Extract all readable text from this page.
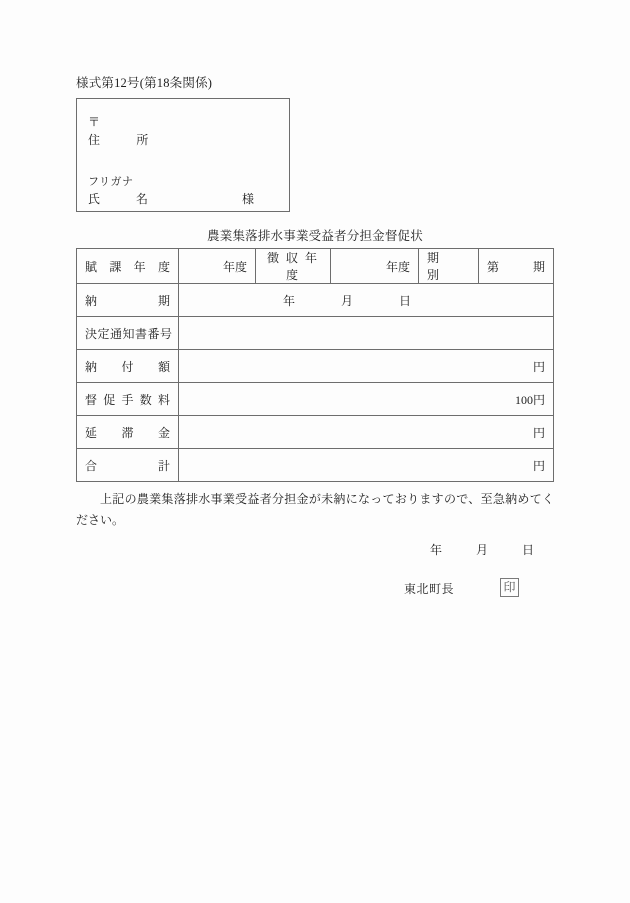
様式第12号(第18条関係)
〒
住　　　所
フリガナ
氏　　　名	様
農業集落排水事業受益者分担金督促状
賦　課　年　度	年度	徴 収 年 度	年度	期　　別	第　　期
納　　　期	年 月 日				

決定通知書番号					
納　付　額	円				
督 促 手 数 料	100円				
延　滞　金	円				
合　　　計	円				
上記の農業集落排水事業受益者分担金が未納になっておりますので、至急納めてください。
年	月	日
東北町長	印
